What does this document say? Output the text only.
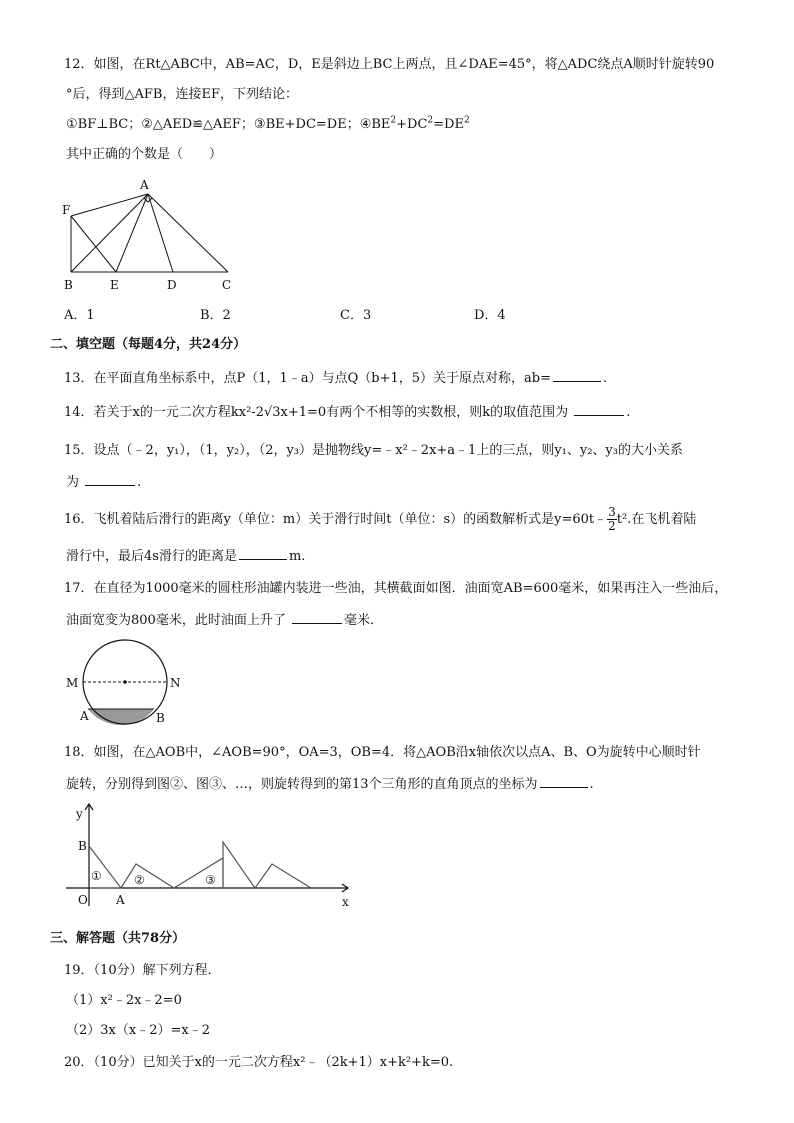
12．如图，在Rt△ABC中，AB=AC，D，E是斜边上BC上两点，且∠DAE=45°，将△ADC绕点A顺时针旋转90
°后，得到△AFB，连接EF，下列结论：
①BF⊥BC；②△AED≌△AEF；③BE+DC=DE；$④BE^2+DC^2=DE^2$
其中正确的个数是（　　）
A
F
B	E	D	C
A．1	B．2	C．3	D．4
二、填空题（每题4分，共24分）
13．在平面直角坐标系中，点P（1，1﹣a）与点Q（b+1，5）关于原点对称，ab=	.
14．若关于x的一元二次方程kx²-2√3x+1=0有两个不相等的实数根，则k的取值范围为	.
15．设点（﹣2，y₁），（1，y₂），（2，y₃）是抛物线y=﹣x²﹣2x+a﹣1上的三点，则y₁、y₂、y₃的大小关系
为	.
16．飞机着陆后滑行的距离y（单位：m）关于滑行时间t（单位：s）的函数解析式是y=60t﹣ $\frac{3}{2} t^2$.在飞机着陆
滑行中，最后4s滑行的距离是	m.
17．在直径为1000毫米的圆柱形油罐内装进一些油，其横截面如图．油面宽AB=600毫米，如果再注入一些油后，
油面宽变为800毫米，此时油面上升了	毫米．
M	N
A	B
18．如图，在△AOB中，∠AOB=90°，OA=3，OB=4．将△AOB沿x轴依次以点A、B、O为旋转中心顺时针
旋转，分别得到图②、图③、…，则旋转得到的第13个三角形的直角顶点的坐标为	.
y
B
O A	x
①	②	③
三、解答题（共78分）
19．（10分）解下列方程．
（1）x²﹣2x﹣2=0
（2）3x（x﹣2）=x﹣2
20．（10分）已知关于x的一元二次方程x²﹣（2k+1）x+k²+k=0.
